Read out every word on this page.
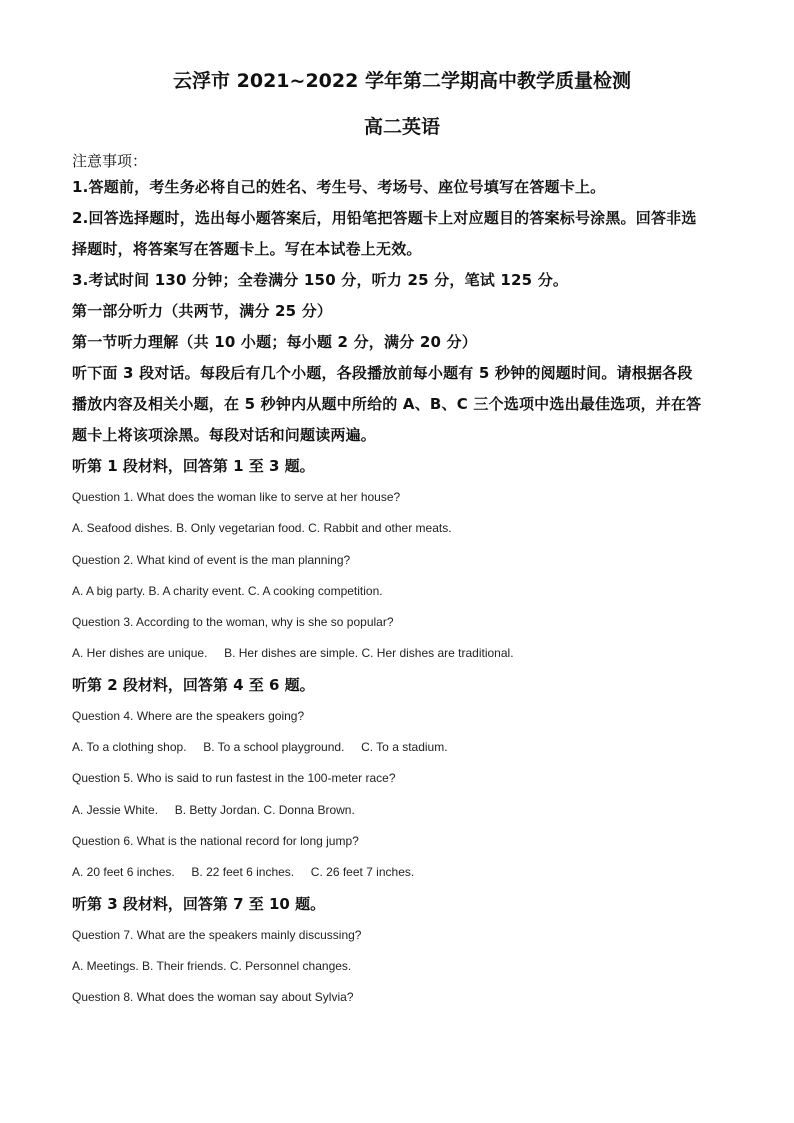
云浮市 2021~2022 学年第二学期高中教学质量检测
高二英语
注意事项：
1.答题前，考生务必将自己的姓名、考生号、考场号、座位号填写在答题卡上。
2.回答选择题时，选出每小题答案后，用铅笔把答题卡上对应题目的答案标号涂黑。回答非选
择题时，将答案写在答题卡上。写在本试卷上无效。
3.考试时间 130 分钟；全卷满分 150 分，听力 25 分，笔试 125 分。
第一部分听力（共两节，满分 25 分）
第一节听力理解（共 10 小题；每小题 2 分，满分 20 分）
听下面 3 段对话。每段后有几个小题，各段播放前每小题有 5 秒钟的阅题时间。请根据各段
播放内容及相关小题，在 5 秒钟内从题中所给的 A、B、C 三个选项中选出最佳选项，并在答
题卡上将该项涂黑。每段对话和问题读两遍。
听第 1 段材料，回答第 1 至 3 题。
Question 1. What does the woman like to serve at her house?
A. Seafood dishes. B. Only vegetarian food. C. Rabbit and other meats.
Question 2. What kind of event is the man planning?
A. A big party. B. A charity event. C. A cooking competition.
Question 3. According to the woman, why is she so popular?
A. Her dishes are unique.     B. Her dishes are simple. C. Her dishes are traditional.
听第 2 段材料，回答第 4 至 6 题。
Question 4. Where are the speakers going?
A. To a clothing shop.     B. To a school playground.     C. To a stadium.
Question 5. Who is said to run fastest in the 100-meter race?
A. Jessie White.     B. Betty Jordan. C. Donna Brown.
Question 6. What is the national record for long jump?
A. 20 feet 6 inches.     B. 22 feet 6 inches.     C. 26 feet 7 inches.
听第 3 段材料，回答第 7 至 10 题。
Question 7. What are the speakers mainly discussing?
A. Meetings. B. Their friends. C. Personnel changes.
Question 8. What does the woman say about Sylvia?
